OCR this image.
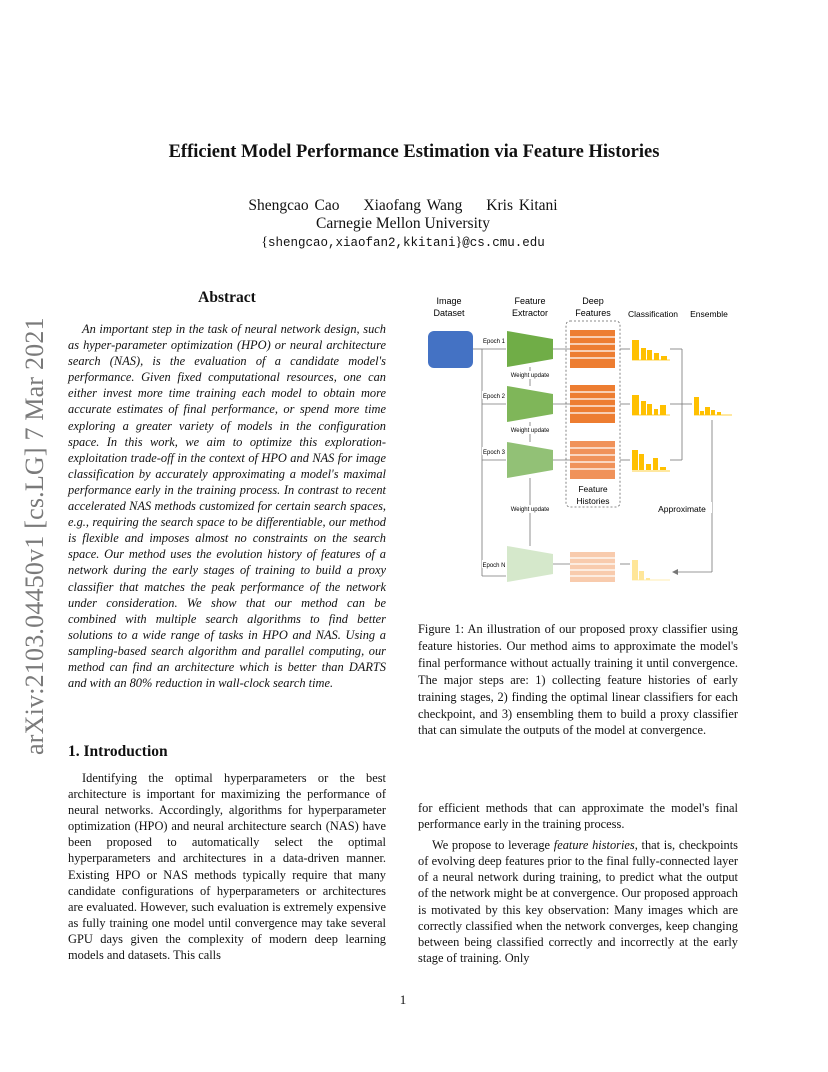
Efficient Model Performance Estimation via Feature Histories
Shengcao Cao Xiaofang Wang Kris Kitani
Carnegie Mellon University
{shengcao,xiaofan2,kkitani}@cs.cmu.edu
arXiv:2103.04450v1 [cs.LG] 7 Mar 2021
Abstract
An important step in the task of neural network design, such as hyper-parameter optimization (HPO) or neural architecture search (NAS), is the evaluation of a candidate model's performance. Given fixed computational resources, one can either invest more time training each model to obtain more accurate estimates of final performance, or spend more time exploring a greater variety of models in the configuration space. In this work, we aim to optimize this exploration-exploitation trade-off in the context of HPO and NAS for image classification by accurately approximating a model's maximal performance early in the training process. In contrast to recent accelerated NAS methods customized for certain search spaces, e.g., requiring the search space to be differentiable, our method is flexible and imposes almost no constraints on the search space. Our method uses the evolution history of features of a network during the early stages of training to build a proxy classifier that matches the peak performance of the network under consideration. We show that our method can be combined with multiple search algorithms to find better solutions to a wide range of tasks in HPO and NAS. Using a sampling-based search algorithm and parallel computing, our method can find an architecture which is better than DARTS and with an 80% reduction in wall-clock search time.
1. Introduction
Identifying the optimal hyperparameters or the best architecture is important for maximizing the performance of neural networks. Accordingly, algorithms for hyperparameter optimization (HPO) and neural architecture search (NAS) have been proposed to automatically select the optimal hyperparameters and architectures in a data-driven manner. Existing HPO or NAS methods typically require that many candidate configurations of hyperparameters or architectures are evaluated. However, such evaluation is extremely expensive as fully training one model until convergence may take several GPU days given the complexity of modern deep learning models and datasets. This calls
Image
Dataset
Feature
Extractor
Deep
Features Classification Ensemble
Epoch 1
Epoch 2
Epoch 3
Epoch N
Weight update
Weight update
Weight update
Feature
Histories
Approximate
Figure 1: An illustration of our proposed proxy classifier using feature histories. Our method aims to approximate the model's final performance without actually training it until convergence. The major steps are: 1) collecting feature histories of early training stages, 2) finding the optimal linear classifiers for each checkpoint, and 3) ensembling them to build a proxy classifier that can simulate the outputs of the model at convergence.

for efficient methods that can approximate the model's final performance early in the training process.

We propose to leverage feature histories, that is, checkpoints of evolving deep features prior to the final fully-connected layer of a neural network during training, to predict what the output of the network might be at convergence. Our proposed approach is motivated by this key observation: Many images which are correctly classified when the network converges, keep changing between being classified correctly and incorrectly at the early stage of training. Only

1
